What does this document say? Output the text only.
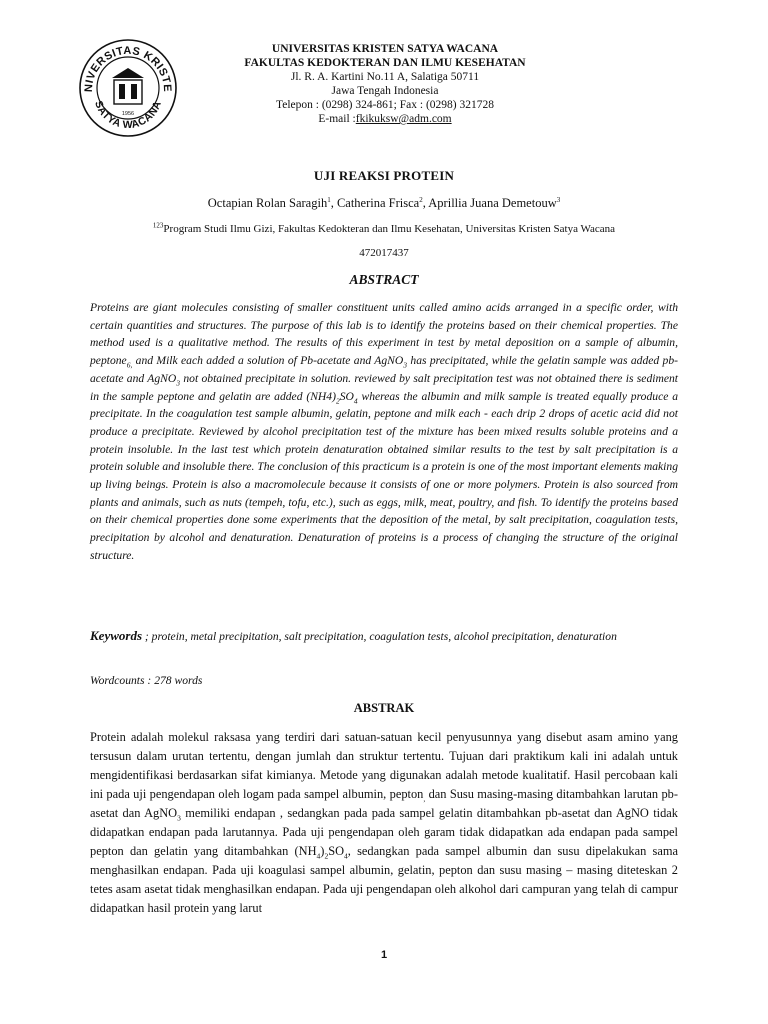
NIVERSITAS KRISTE
SATYA WACANA
1956
UNIVERSITAS KRISTEN SATYA WACANA
FAKULTAS KEDOKTERAN DAN ILMU KESEHATAN
Jl. R. A. Kartini No.11 A, Salatiga 50711
Jawa Tengah Indonesia
Telepon : (0298) 324-861; Fax : (0298) 321728
E-mail :fkikuksw@adm.com
UJI REAKSI PROTEIN
Octapian Rolan Saragih$^1$, Catherina Frisca$^2$, Aprillia Juana Demetouw$^3$
$^{123}$Program Studi Ilmu Gizi, Fakultas Kedokteran dan Ilmu Kesehatan, Universitas Kristen Satya Wacana
472017437
ABSTRACT

Proteins are giant molecules consisting of smaller constituent units called amino acids arranged in a specific order, with certain quantities and structures. The purpose of this lab is to identify the proteins based on their chemical properties. The method used is a qualitative method. The results of this experiment in test by metal deposition on a sample of albumin, peptone$_{6,}$ and Milk each added a solution of Pb-acetate and AgNO$_3$ has precipitated, while the gelatin sample was added pb-acetate and AgNO$_3$ not obtained precipitate in solution. reviewed by salt precipitation test was not obtained there is sediment in the sample peptone and gelatin are added $(NH4)_2SO_4$ whereas the albumin and milk sample is treated equally produce a precipitate. In the coagulation test sample albumin, gelatin, peptone and milk each - each drip 2 drops of acetic acid did not produce a precipitate. Reviewed by alcohol precipitation test of the mixture has been mixed results soluble proteins and a protein insoluble. In the last test which protein denaturation obtained similar results to the test by salt precipitation is a protein soluble and insoluble there. The conclusion of this practicum is a protein is one of the most important elements making up living beings. Protein is also a macromolecule because it consists of one or more polymers. Protein is also sourced from plants and animals, such as nuts (tempeh, tofu, etc.), such as eggs, milk, meat, poultry, and fish. To identify the proteins based on their chemical properties done some experiments that the deposition of the metal, by salt precipitation, coagulation tests, precipitation by alcohol and denaturation. Denaturation of proteins is a process of changing the structure of the original structure.

Keywords ; protein, metal precipitation, salt precipitation, coagulation tests, alcohol precipitation, denaturation

Wordcounts : 278 words
ABSTRAK

Protein adalah molekul raksasa yang terdiri dari satuan-satuan kecil penyusunnya yang disebut asam amino yang tersusun dalam urutan tertentu, dengan jumlah dan struktur tertentu. Tujuan dari praktikum kali ini adalah untuk mengidentifikasi berdasarkan sifat kimianya. Metode yang digunakan adalah metode kualitatif. Hasil percobaan kali ini pada uji pengendapan oleh logam pada sampel albumin, pepton$_,$ dan Susu masing-masing ditambahkan larutan pb-asetat dan AgNO$_3$ memiliki endapan , sedangkan pada pada sampel gelatin ditambahkan pb-asetat dan AgNO tidak didapatkan endapan pada larutannya. Pada uji pengendapan oleh garam tidak didapatkan ada endapan pada sampel pepton dan gelatin yang ditambahkan $(NH_4)_2SO_4$, sedangkan pada sampel albumin dan susu dipelakukan sama menghasilkan endapan. Pada uji koagulasi sampel albumin, gelatin, pepton dan susu masing – masing diteteskan 2 tetes asam asetat tidak menghasilkan endapan. Pada uji pengendapan oleh alkohol dari campuran yang telah di campur didapatkan hasil protein yang larut

1
